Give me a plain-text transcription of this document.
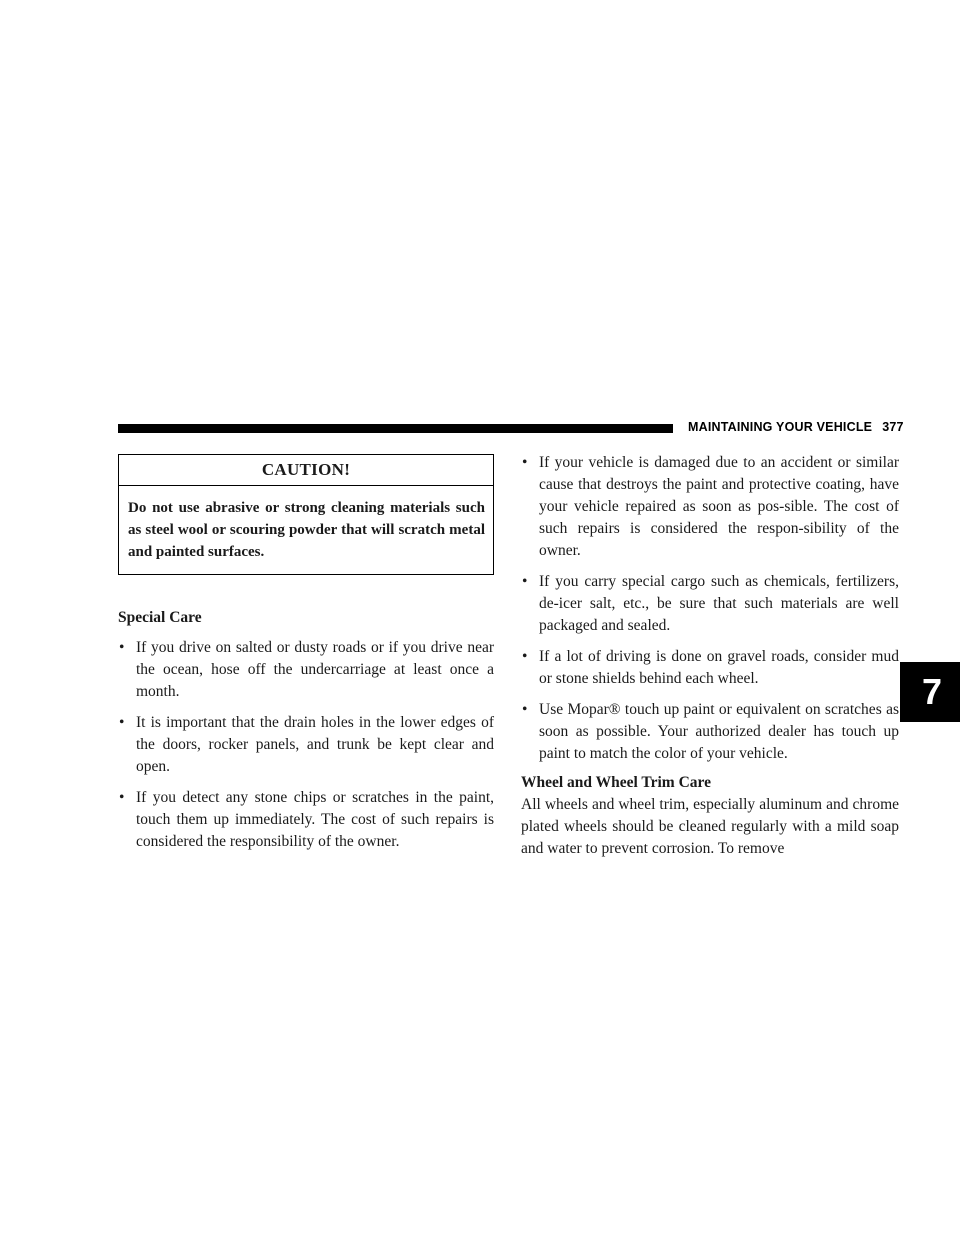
MAINTAINING YOUR VEHICLE 377
7
CAUTION!
Do not use abrasive or strong cleaning materials such as steel wool or scouring powder that will scratch metal and painted surfaces.
Special Care
• If you drive on salted or dusty roads or if you drive near the ocean, hose off the undercarriage at least once a month.
• It is important that the drain holes in the lower edges of the doors, rocker panels, and trunk be kept clear and open.
• If you detect any stone chips or scratches in the paint, touch them up immediately. The cost of such repairs is considered the responsibility of the owner.
• If your vehicle is damaged due to an accident or similar cause that destroys the paint and protective coating, have your vehicle repaired as soon as pos-sible. The cost of such repairs is considered the respon-sibility of the owner.
• If you carry special cargo such as chemicals, fertilizers, de-icer salt, etc., be sure that such materials are well packaged and sealed.
• If a lot of driving is done on gravel roads, consider mud or stone shields behind each wheel.
• Use Mopar® touch up paint or equivalent on scratches as soon as possible. Your authorized dealer has touch up paint to match the color of your vehicle.
Wheel and Wheel Trim Care
All wheels and wheel trim, especially aluminum and chrome plated wheels should be cleaned regularly with a mild soap and water to prevent corrosion. To remove
